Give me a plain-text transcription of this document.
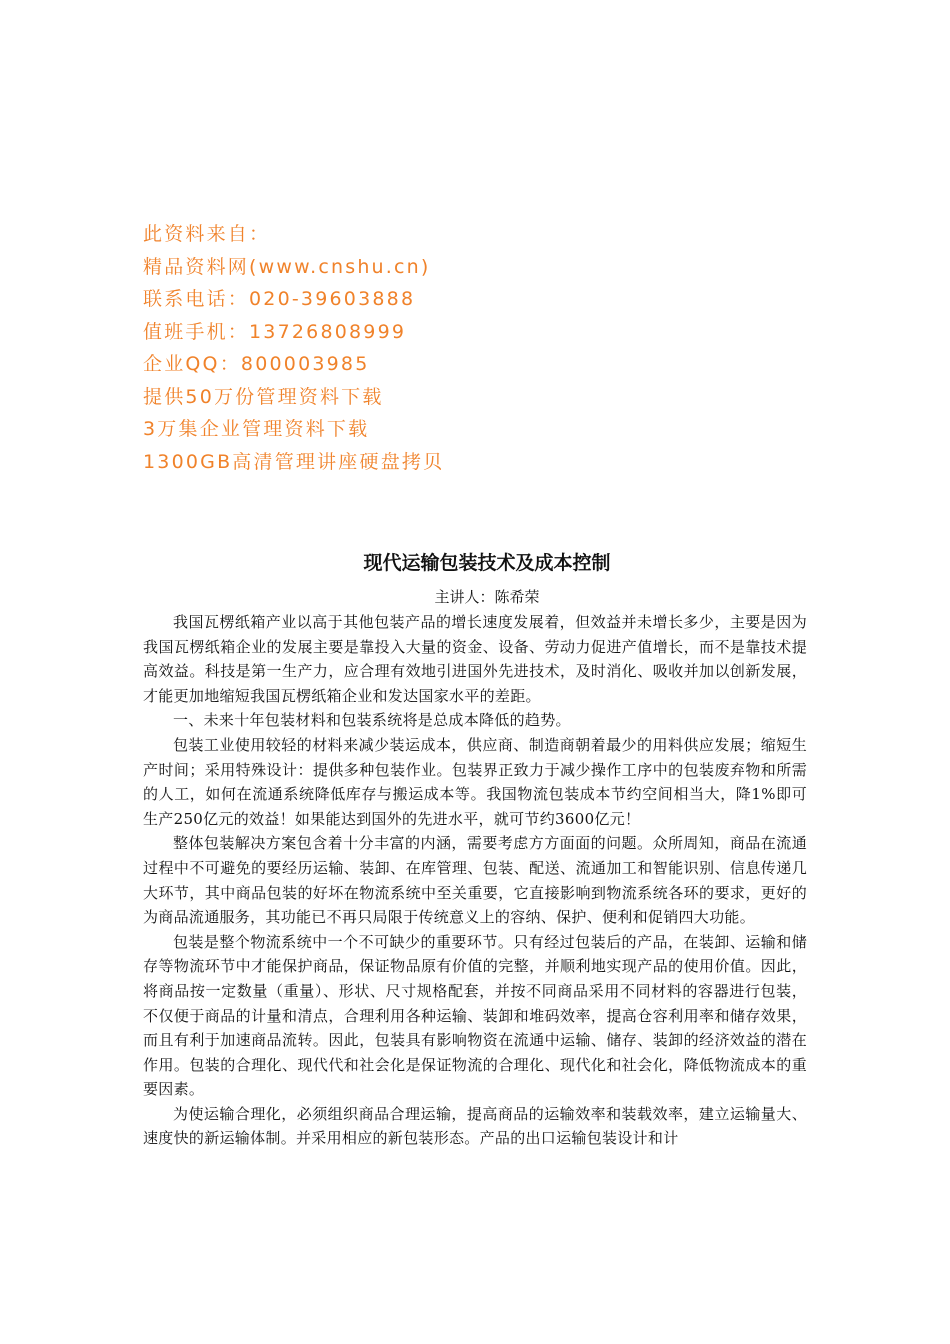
此资料来自：
精品资料网(www.cnshu.cn)
联系电话：020-39603888
值班手机：13726808999
企业QQ：800003985
提供50万份管理资料下载
3万集企业管理资料下载
1300GB高清管理讲座硬盘拷贝
现代运输包装技术及成本控制

主讲人：陈希荣

我国瓦楞纸箱产业以高于其他包装产品的增长速度发展着，但效益并未增长多少，主要是因为我国瓦楞纸箱企业的发展主要是靠投入大量的资金、设备、劳动力促进产值增长，而不是靠技术提高效益。科技是第一生产力，应合理有效地引进国外先进技术，及时消化、吸收并加以创新发展，才能更加地缩短我国瓦楞纸箱企业和发达国家水平的差距。

一、未来十年包装材料和包装系统将是总成本降低的趋势。

包装工业使用较轻的材料来减少装运成本，供应商、制造商朝着最少的用料供应发展；缩短生产时间；采用特殊设计：提供多种包装作业。包装界正致力于减少操作工序中的包装废弃物和所需的人工，如何在流通系统降低库存与搬运成本等。我国物流包装成本节约空间相当大，降1%即可生产250亿元的效益！如果能达到国外的先进水平，就可节约3600亿元！

整体包装解决方案包含着十分丰富的内涵，需要考虑方方面面的问题。众所周知，商品在流通过程中不可避免的要经历运输、装卸、在库管理、包装、配送、流通加工和智能识别、信息传递几大环节，其中商品包装的好坏在物流系统中至关重要，它直接影响到物流系统各环的要求，更好的为商品流通服务，其功能已不再只局限于传统意义上的容纳、保护、便利和促销四大功能。

包装是整个物流系统中一个不可缺少的重要环节。只有经过包装后的产品，在装卸、运输和储存等物流环节中才能保护商品，保证物品原有价值的完整，并顺利地实现产品的使用价值。因此，将商品按一定数量（重量）、形状、尺寸规格配套，并按不同商品采用不同材料的容器进行包装，不仅便于商品的计量和清点，合理利用各种运输、装卸和堆码效率，提高仓容利用率和储存效果，而且有利于加速商品流转。因此，包装具有影响物资在流通中运输、储存、装卸的经济效益的潜在作用。包装的合理化、现代代和社会化是保证物流的合理化、现代化和社会化，降低物流成本的重要因素。

为使运输合理化，必须组织商品合理运输，提高商品的运输效率和装载效率，建立运输量大、速度快的新运输体制。并采用相应的新包装形态。产品的出口运输包装设计和计
